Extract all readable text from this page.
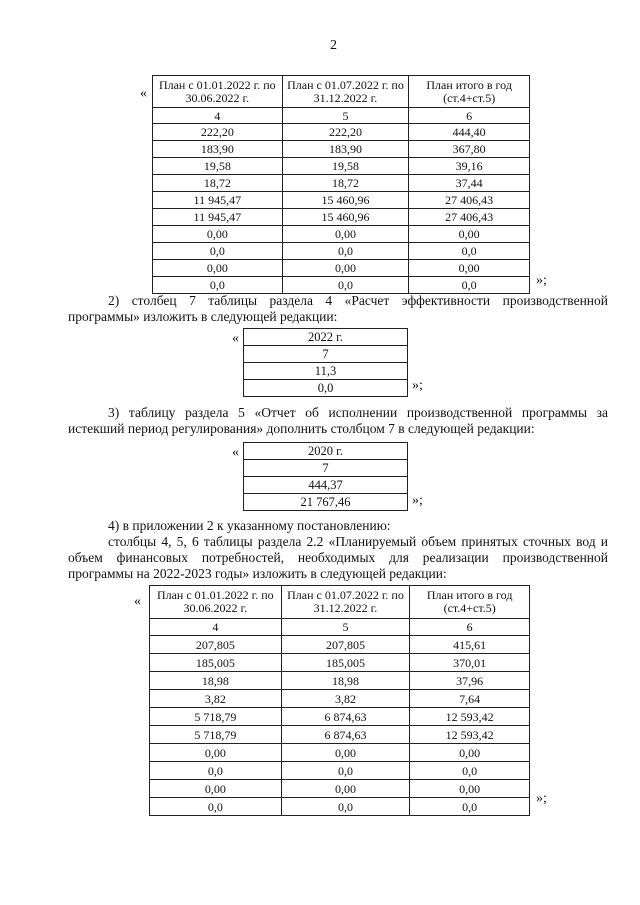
2
«
План с 01.01.2022 г. по 30.06.2022 г.	План с 01.07.2022 г. по 31.12.2022 г.	План итого в год (ст.4+ст.5)
4	5	6
222,20	222,20	444,40
183,90	183,90	367,80
19,58	19,58	39,16
18,72	18,72	37,44
11 945,47	15 460,96	27 406,43
11 945,47	15 460,96	27 406,43
0,00	0,00	0,00
0,0	0,0	0,0
0,00	0,00	0,00
0,0	0,0	0,0	»;
2) столбец 7 таблицы раздела 4 «Расчет эффективности производственной программы» изложить в следующей редакции:
«	2022 г.
7
11,3
0,0	»;
3) таблицу раздела 5 «Отчет об исполнении производственной программы за истекший период регулирования» дополнить столбцом 7 в следующей редакции:
«	2020 г.
7
444,37
21 767,46	»;
4) в приложении 2 к указанному постановлению:
столбцы 4, 5, 6 таблицы раздела 2.2 «Планируемый объем принятых сточных вод и объем финансовых потребностей, необходимых для реализации производственной программы на 2022-2023 годы» изложить в следующей редакции:
« План с 01.01.2022 г. по 30.06.2022 г.	План с 01.07.2022 г. по 31.12.2022 г.	План итого в год (ст.4+ст.5)
4	5	6
207,805	207,805	415,61
185,005	185,005	370,01
18,98	18,98	37,96
3,82	3,82	7,64
5 718,79	6 874,63	12 593,42
5 718,79	6 874,63	12 593,42
0,00	0,00	0,00
0,0	0,0	0,0
0,00	0,00	0,00
0,0	0,0	0,0
»;
